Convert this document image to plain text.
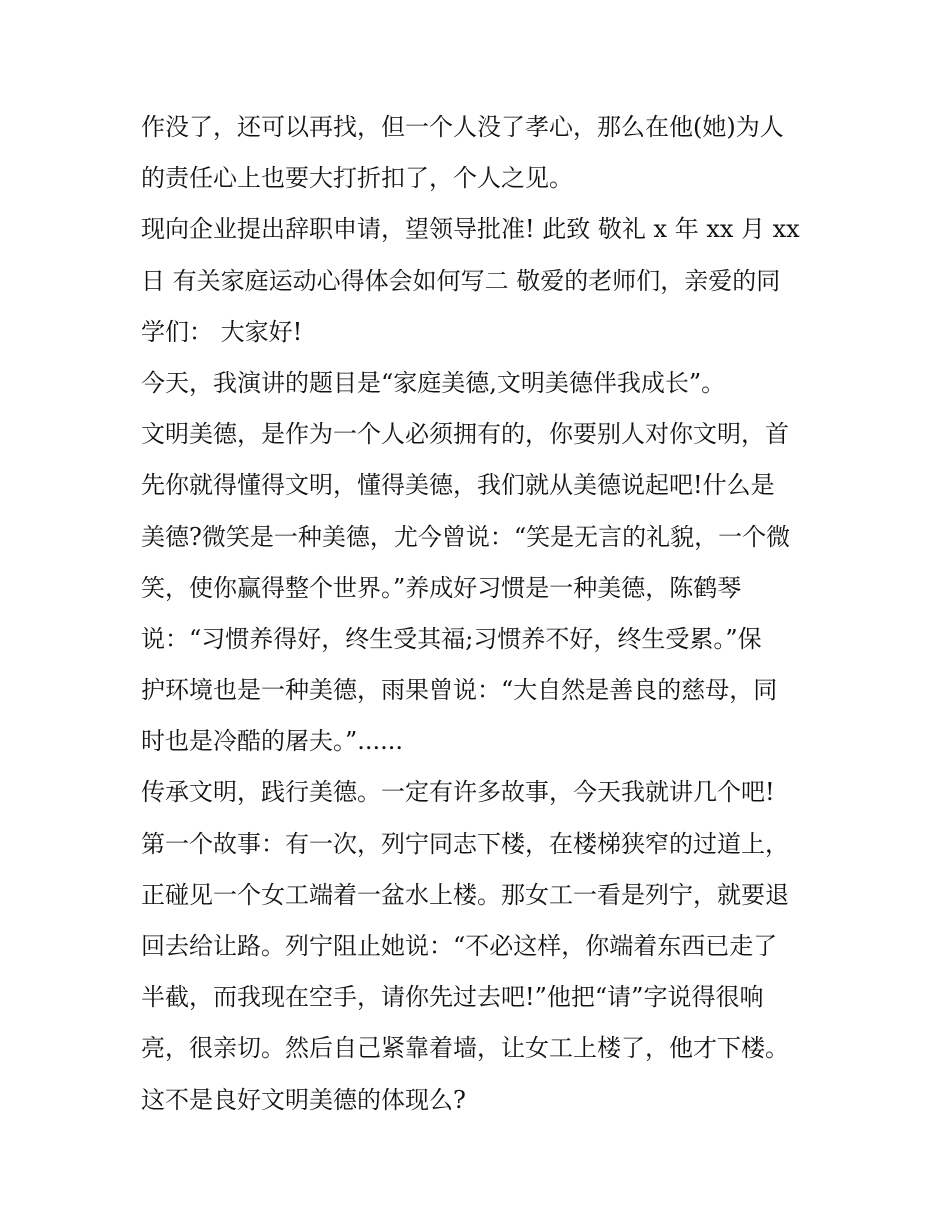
作没了，还可以再找，但一个人没了孝心，那么在他(她)为人
的责任心上也要大打折扣了，个人之见。
现向企业提出辞职申请，望领导批准! 此致 敬礼 x 年 xx 月 xx
日 有关家庭运动心得体会如何写二 敬爱的老师们，亲爱的同
学们： 大家好!
今天，我演讲的题目是“家庭美德,文明美德伴我成长”。
文明美德，是作为一个人必须拥有的，你要别人对你文明，首
先你就得懂得文明，懂得美德，我们就从美德说起吧!什么是
美德?微笑是一种美德，尤今曾说：“笑是无言的礼貌，一个微
笑，使你赢得整个世界。”养成好习惯是一种美德，陈鹤琴
说：“习惯养得好，终生受其福;习惯养不好，终生受累。”保
护环境也是一种美德，雨果曾说：“大自然是善良的慈母，同
时也是冷酷的屠夫。”......
传承文明，践行美德。一定有许多故事，今天我就讲几个吧!
第一个故事：有一次，列宁同志下楼，在楼梯狭窄的过道上，
正碰见一个女工端着一盆水上楼。那女工一看是列宁，就要退
回去给让路。列宁阻止她说：“不必这样，你端着东西已走了
半截，而我现在空手，请你先过去吧!”他把“请”字说得很响
亮，很亲切。然后自己紧靠着墙，让女工上楼了，他才下楼。
这不是良好文明美德的体现么?
